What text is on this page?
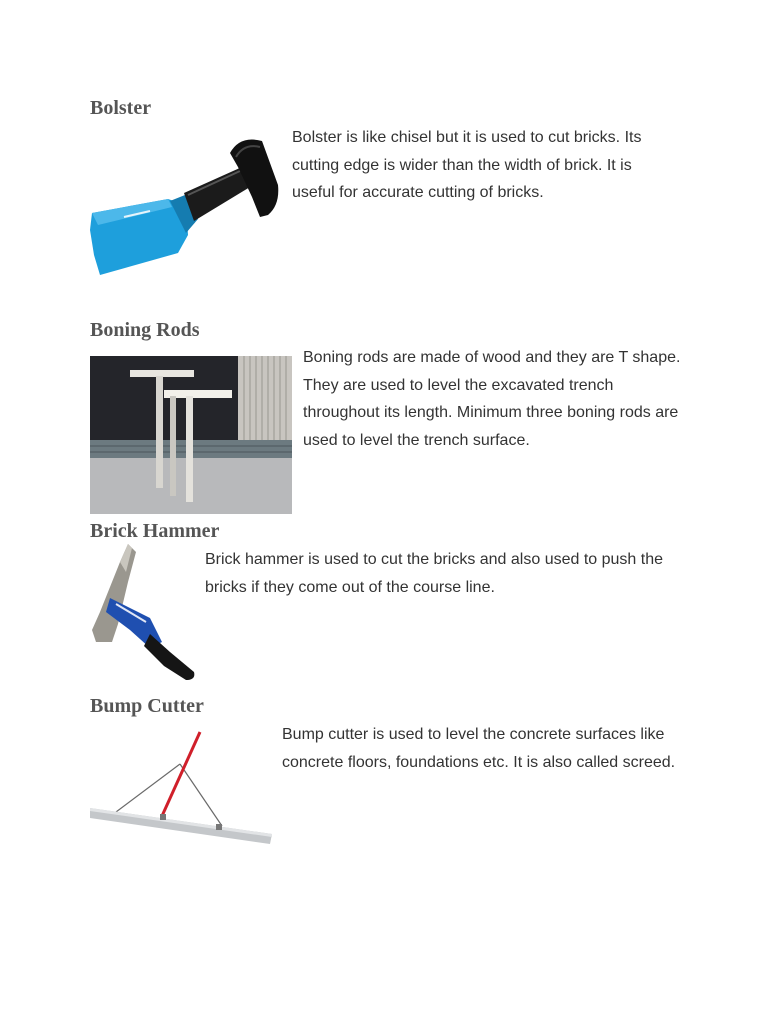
Bolster

Bolster is like chisel but it is used to cut bricks. Its cutting edge is wider than the width of brick. It is useful for accurate cutting of bricks.

Boning Rods

Boning rods are made of wood and they are T shape. They are used to level the excavated trench throughout its length. Minimum three boning rods are used to level the trench surface.

Brick Hammer

Brick hammer is used to cut the bricks and also used to push the bricks if they come out of the course line.

Bump Cutter

Bump cutter is used to level the concrete surfaces like concrete floors, foundations etc. It is also called screed.
